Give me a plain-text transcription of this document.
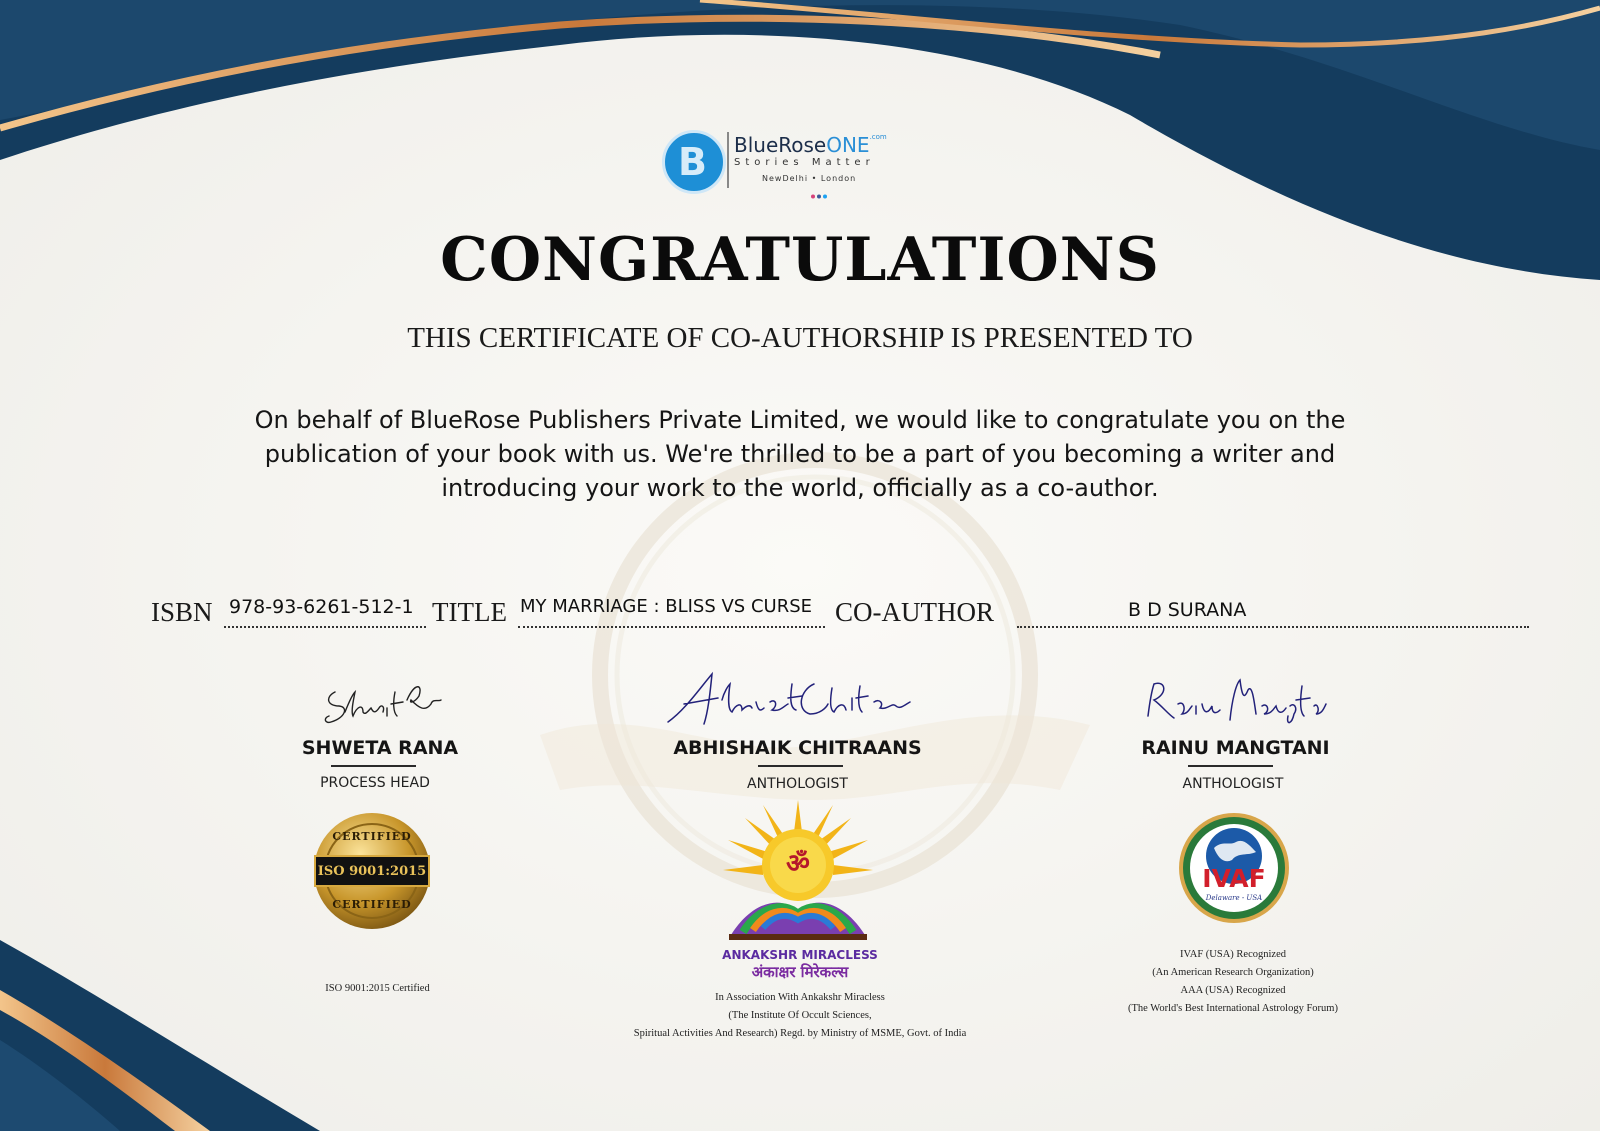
B BlueRoseONE$^{.com}$
Stories Matter
NewDelhi • London
CONGRATULATIONS
THIS CERTIFICATE OF CO-AUTHORSHIP IS PRESENTED TO
On behalf of BlueRose Publishers Private Limited, we would like to congratulate you on the publication of your book with us. We're thrilled to be a part of you becoming a writer and introducing your work to the world, officially as a co-author.
ISBN 978-93-6261-512-1 TITLE MY MARRIAGE : BLISS VS CURSE CO-AUTHOR	B D SURANA
SHWETA RANA
PROCESS HEAD
ABHISHAIK CHITRAANS
ANTHOLOGIST
RAINU MANGTANI
ANTHOLOGIST
ISO 9001:2015
CERTIFIED
CERTIFIED
ISO 9001:2015 Certified
ॐ
ANKAKSHR MIRACLESS
अंकाक्षर मिरेकल्स
In Association With Ankakshr Miracless
(The Institute Of Occult Sciences,
Spiritual Activities And Research) Regd. by Ministry of MSME, Govt. of India
IVAF
Delaware - USA
IVAF (USA) Recognized
(An American Research Organization)
AAA (USA) Recognized
(The World's Best International Astrology Forum)
